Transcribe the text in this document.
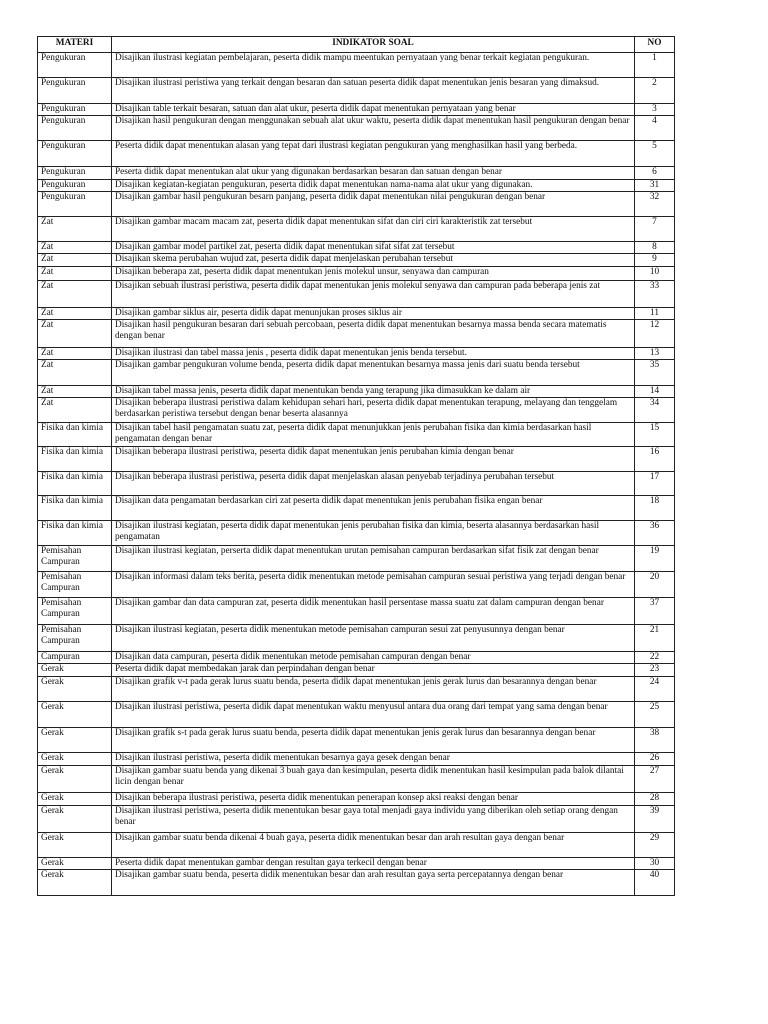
MATERI	INDIKATOR SOAL	NO
Pengukuran	Disajikan ilustrasi kegiatan pembelajaran, peserta didik mampu meentukan pernyataan yang benar terkait kegiatan pengukuran.	1
Pengukuran	Disajikan ilustrasi peristiwa yang terkait dengan besaran dan satuan peserta didik dapat menentukan jenis besaran yang dimaksud.	2
Pengukuran	Disajikan table terkait besaran, satuan dan alat ukur, peserta didik dapat menentukan pernyataan yang benar	3
Pengukuran	Disajikan hasil pengukuran dengan menggunakan sebuah alat ukur waktu, peserta didik dapat menentukan hasil pengukuran dengan benar	4
Pengukuran	Peserta didik dapat menentukan alasan yang tepat dari ilustrasi kegiatan pengukuran yang menghasilkan hasil yang berbeda.	5
Pengukuran	Peserta didik dapat menentukan alat ukur yang digunakan berdasarkan besaran dan satuan dengan benar	6
Pengukuran	Disajikan kegiatan-kegiatan pengukuran, peserta didik dapat menentukan nama-nama alat ukur yang digunakan.	31
Pengukuran	Disajikan gambar hasil pengukuran besarn panjang, peserta didik dapat menentukan nilai pengukuran dengan benar	32
Zat	Disajikan gambar macam macam zat, peserta didik dapat menentukan sifat dan ciri ciri karakteristik zat tersebut	7
Zat	Disajikan gambar model partikel zat, peserta didik dapat menentukan sifat sifat zat tersebut	8
Zat	Disajikan skema perubahan wujud zat, peserta didik dapat menjelaskan perubahan tersebut	9
Zat	Disajikan beberapa zat, peserta didik dapat menentukan jenis molekul unsur, senyawa dan campuran	10
Zat	Disajikan sebuah ilustrasi peristiwa, peserta didik dapat menentukan jenis molekul senyawa dan campuran pada beberapa jenis zat	33
Zat	Disajikan gambar siklus air, peserta didik dapat menunjukan proses siklus air	11
Zat	Disajikan hasil pengukuran besaran dari sebuah percobaan, peserta didik dapat menentukan besarnya massa benda secara matematis dengan benar	12
Zat	Disajikan ilustrasi dan tabel massa jenis , peserta didik dapat menentukan jenis benda tersebut.	13
Zat	Disajikan gambar pengukuran volume benda, peserta didik dapat menentukan besarnya massa jenis dari suatu benda tersebut	35
Zat	Disajikan tabel massa jenis, peserta didik dapat menentukan benda yang terapung jika dimasukkan ke dalam air	14
Zat	Disajikan beberapa ilustrasi peristiwa dalam kehidupan sehari hari, peserta didik dapat menentukan terapung, melayang dan tenggelam berdasarkan peristiwa tersebut dengan benar beserta alasannya	34
Fisika dan kimia	Disajikan tabel hasil pengamatan suatu zat, peserta didik dapat menunjukkan jenis perubahan fisika dan kimia berdasarkan hasil pengamatan dengan benar	15
Fisika dan kimia	Disajikan beberapa ilustrasi peristiwa, peserta didik dapat menentukan jenis perubahan kimia dengan benar	16
Fisika dan kimia	Disajikan beberapa ilustrasi peristiwa, peserta didik dapat menjelaskan alasan penyebab terjadinya perubahan tersebut	17
Fisika dan kimia	Disajikan data pengamatan berdasarkan ciri zat peserta didik dapat menentukan jenis perubahan fisika engan benar	18
Fisika dan kimia	Disajikan ilustrasi kegiatan, peserta didik dapat menentukan jenis perubahan fisika dan kimia, beserta alasannya berdasarkan hasil pengamatan	36
Pemisahan Campuran	Disajikan ilustrasi kegiatan, perserta didik dapat menentukan urutan pemisahan campuran berdasarkan sifat fisik zat dengan benar	19
Pemisahan Campuran	Disajikan informasi dalam teks berita, peserta didik menentukan metode pemisahan campuran sesuai peristiwa yang terjadi dengan benar	20
Pemisahan Campuran	Disajikan gambar dan data campuran zat, peserta didik menentukan hasil persentase massa suatu zat dalam campuran dengan benar	37
Pemisahan Campuran	Disajikan ilustrasi kegiatan, peserta didik menentukan metode pemisahan campuran sesui zat penyusunnya dengan benar	21
Campuran	Disajikan data campuran, peserta didik menentukan metode pemisahan campuran dengan benar	22
Gerak	Peserta didik dapat membedakan jarak dan perpindahan dengan benar	23
Gerak	Disajikan grafik v-t pada gerak lurus suatu benda, peserta didik dapat menentukan jenis gerak lurus dan besarannya dengan benar	24
Gerak	Disajikan ilustrasi peristiwa, peserta didik dapat menentukan waktu menyusul antara dua orang dari tempat yang sama dengan benar	25
Gerak	Disajikan grafik s-t pada gerak lurus suatu benda, peserta didik dapat menentukan jenis gerak lurus dan besarannya dengan benar	38
Gerak	Disajikan ilustrasi peristiwa, peserta didik menentukan besarnya gaya gesek dengan benar	26
Gerak	Disajikan gambar suatu benda yang dikenai 3 buah gaya dan kesimpulan, peserta didik menentukan hasil kesimpulan pada balok dilantai licin dengan benar	27
Gerak	Disajikan beberapa ilustrasi peristiwa, peserta didik menentukan penerapan konsep aksi reaksi dengan benar	28
Gerak	Disajikan ilustrasi peristiwa, peserta didik menentukan besar gaya total menjadi gaya individu yang diberikan oleh setiap orang dengan benar	39
Gerak	Disajikan gambar suatu benda dikenai 4 buah gaya, peserta didik menentukan besar dan arah resultan gaya dengan benar	29
Gerak	Peserta didik dapat menentukan gambar dengan resultan gaya terkecil dengan benar	30
Gerak	Disajikan gambar suatu benda, peserta didik menentukan besar dan arah resultan gaya serta percepatannya dengan benar	40
